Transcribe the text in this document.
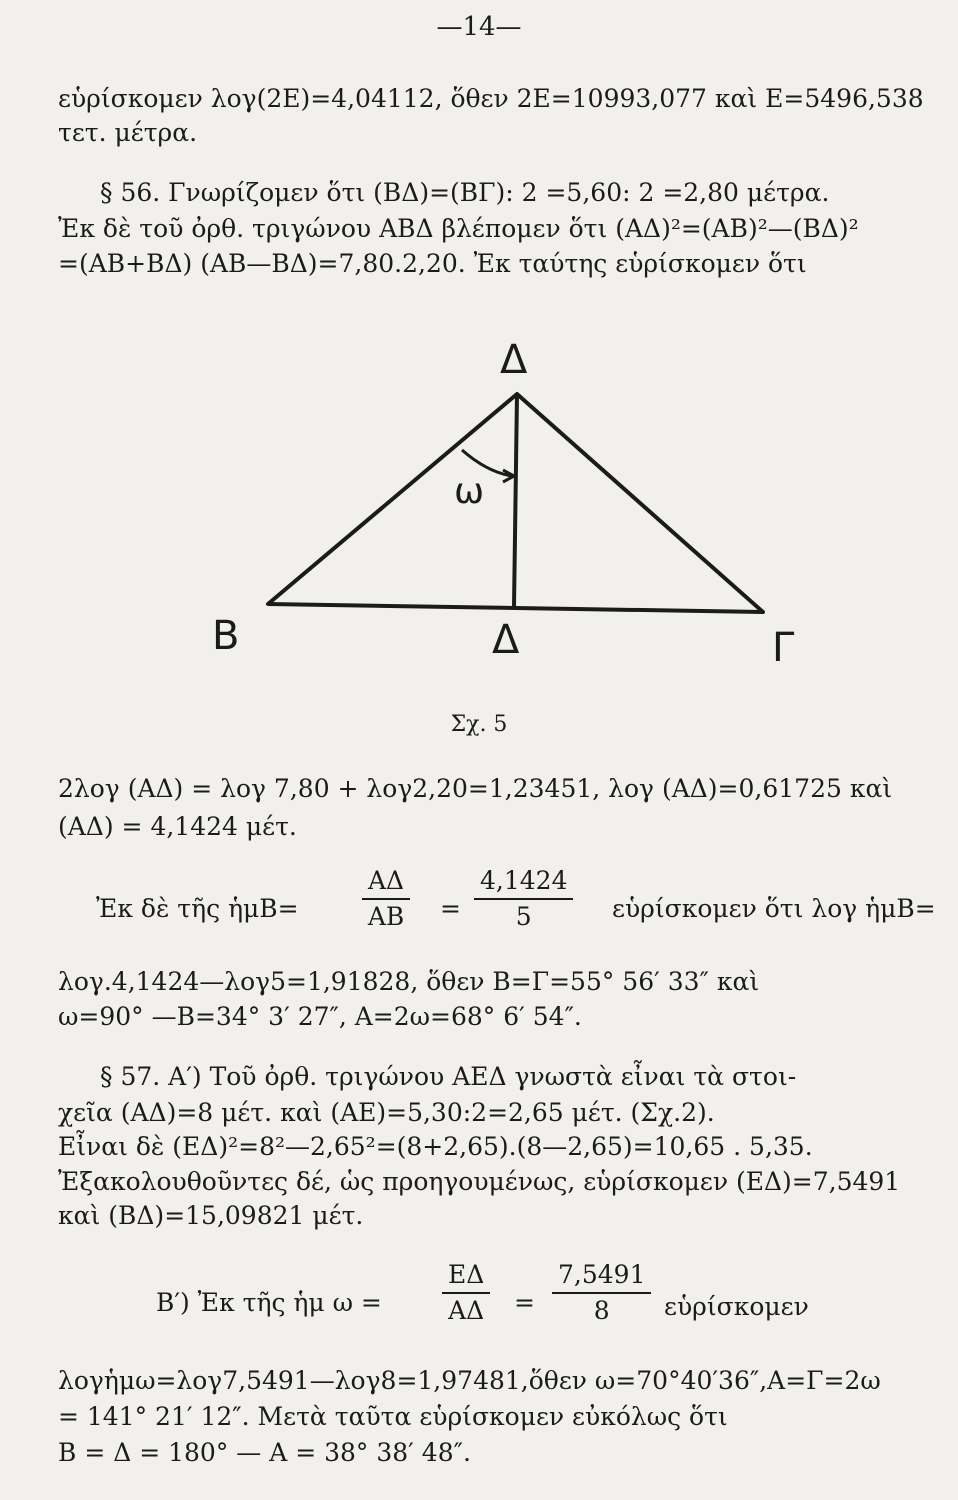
—14—
εὑρίσκομεν λογ(2Ε)=4,04112, ὅθεν 2Ε=10993,077 καὶ Ε=5496,538
τετ. μέτρα.
§ 56. Γνωρίζομεν ὅτι (ΒΔ)=(ΒΓ): 2 =5,60: 2 =2,80 μέτρα.
Ἐκ δὲ τοῦ ὀρθ. τριγώνου ΑΒΔ βλέπομεν ὅτι (ΑΔ)²=(ΑΒ)²—(ΒΔ)²
=(ΑΒ+ΒΔ) (ΑΒ—ΒΔ)=7,80.2,20. Ἐκ ταύτης εὑρίσκομεν ὅτι
Δ
B	Δ	Γ
ω
Σχ. 5
2λογ (ΑΔ) = λογ 7,80 + λογ2,20=1,23451, λογ (ΑΔ)=0,61725 καὶ
(ΑΔ) = 4,1424 μέτ.
Ἐκ δὲ τῆς ἡμΒ=	$\frac{A\Delta}{AB} = \frac{4,1424}{5}$ εὑρίσκομεν ὅτι λογ ἡμΒ=
λογ.4,1424—λογ5=1,91828, ὅθεν Β=Γ=55° 56′ 33″ καὶ
ω=90° —Β=34° 3′ 27″, Α=2ω=68° 6′ 54″.
§ 57. Α′) Τοῦ ὀρθ. τριγώνου ΑΕΔ γνωστὰ εἶναι τὰ στοι-
χεῖα (ΑΔ)=8 μέτ. καὶ (ΑΕ)=5,30:2=2,65 μέτ. (Σχ.2).
Εἶναι δὲ (ΕΔ)²=8²—2,65²=(8+2,65).(8—2,65)=10,65 . 5,35.
Ἐξακολουθοῦντες δέ, ὡς προηγουμένως, εὑρίσκομεν (ΕΔ)=7,5491
καὶ (ΒΔ)=15,09821 μέτ.
Β′) Ἐκ τῆς ἡμ $\omega = \frac{E\Delta}{A\Delta} = \frac{7,5491}{8}$ εὑρίσκομεν
λογἡμω=λογ7,5491—λογ8=1,97481,ὅθεν ω=70°40′36″,Α=Γ=2ω
= 141° 21′ 12″. Μετὰ ταῦτα εὑρίσκομεν εὐκόλως ὅτι
Β = Δ = 180° — Α = 38° 38′ 48″.
